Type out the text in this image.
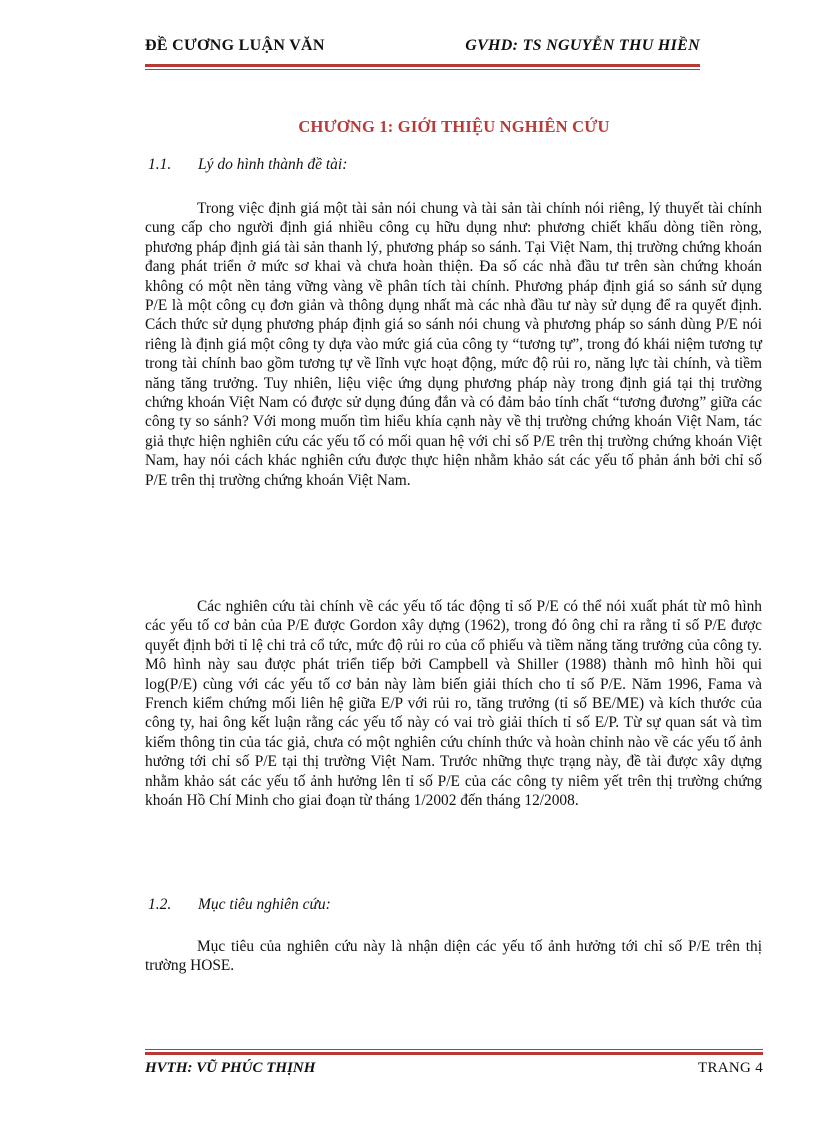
ĐỀ CƯƠNG LUẬN VĂN	GVHD: TS NGUYỄN THU HIỀN
CHƯƠNG 1: GIỚI THIỆU NGHIÊN CỨU
1.1. Lý do hình thành đề tài:

Trong việc định giá một tài sản nói chung và tài sản tài chính nói riêng, lý thuyết tài chính cung cấp cho người định giá nhiều công cụ hữu dụng như: phương chiết khấu dòng tiền ròng, phương pháp định giá tài sản thanh lý, phương pháp so sánh. Tại Việt Nam, thị trường chứng khoán đang phát triển ở mức sơ khai và chưa hoàn thiện. Đa số các nhà đầu tư trên sàn chứng khoán không có một nền tảng vững vàng về phân tích tài chính. Phương pháp định giá so sánh sử dụng P/E là một công cụ đơn giản và thông dụng nhất mà các nhà đầu tư này sử dụng để ra quyết định. Cách thức sử dụng phương pháp định giá so sánh nói chung và phương pháp so sánh dùng P/E nói riêng là định giá một công ty dựa vào mức giá của công ty “tương tự”, trong đó khái niệm tương tự trong tài chính bao gồm tương tự về lĩnh vực hoạt động, mức độ rủi ro, năng lực tài chính, và tiềm năng tăng trưởng. Tuy nhiên, liệu việc ứng dụng phương pháp này trong định giá tại thị trường chứng khoán Việt Nam có được sử dụng đúng đắn và có đảm bảo tính chất “tương đương” giữa các công ty so sánh? Với mong muốn tìm hiểu khía cạnh này về thị trường chứng khoán Việt Nam, tác giả thực hiện nghiên cứu các yếu tố có mối quan hệ với chỉ số P/E trên thị trường chứng khoán Việt Nam, hay nói cách khác nghiên cứu được thực hiện nhằm khảo sát các yếu tố phản ánh bởi chỉ số P/E trên thị trường chứng khoán Việt Nam.

Các nghiên cứu tài chính về các yếu tố tác động tỉ số P/E có thể nói xuất phát từ mô hình các yếu tố cơ bản của P/E được Gordon xây dựng (1962), trong đó ông chỉ ra rằng tỉ số P/E được quyết định bởi tỉ lệ chi trả cổ tức, mức độ rủi ro của cổ phiếu và tiềm năng tăng trưởng của công ty. Mô hình này sau được phát triển tiếp bởi Campbell và Shiller (1988) thành mô hình hồi qui log(P/E) cùng với các yếu tố cơ bản này làm biến giải thích cho tỉ số P/E. Năm 1996, Fama và French kiểm chứng mối liên hệ giữa E/P với rủi ro, tăng trưởng (tỉ số BE/ME) và kích thước của công ty, hai ông kết luận rằng các yếu tố này có vai trò giải thích tỉ số E/P. Từ sự quan sát và tìm kiếm thông tin của tác giả, chưa có một nghiên cứu chính thức và hoàn chỉnh nào về các yếu tố ảnh hưởng tới chỉ số P/E tại thị trường Việt Nam. Trước những thực trạng này, đề tài được xây dựng nhằm khảo sát các yếu tố ảnh hưởng lên tỉ số P/E của các công ty niêm yết trên thị trường chứng khoán Hồ Chí Minh cho giai đoạn từ tháng 1/2002 đến tháng 12/2008.

1.2. Mục tiêu nghiên cứu:

Mục tiêu của nghiên cứu này là nhận diện các yếu tố ảnh hưởng tới chỉ số P/E trên thị trường HOSE.

HVTH: VŨ PHÚC THỊNH	TRANG 4
